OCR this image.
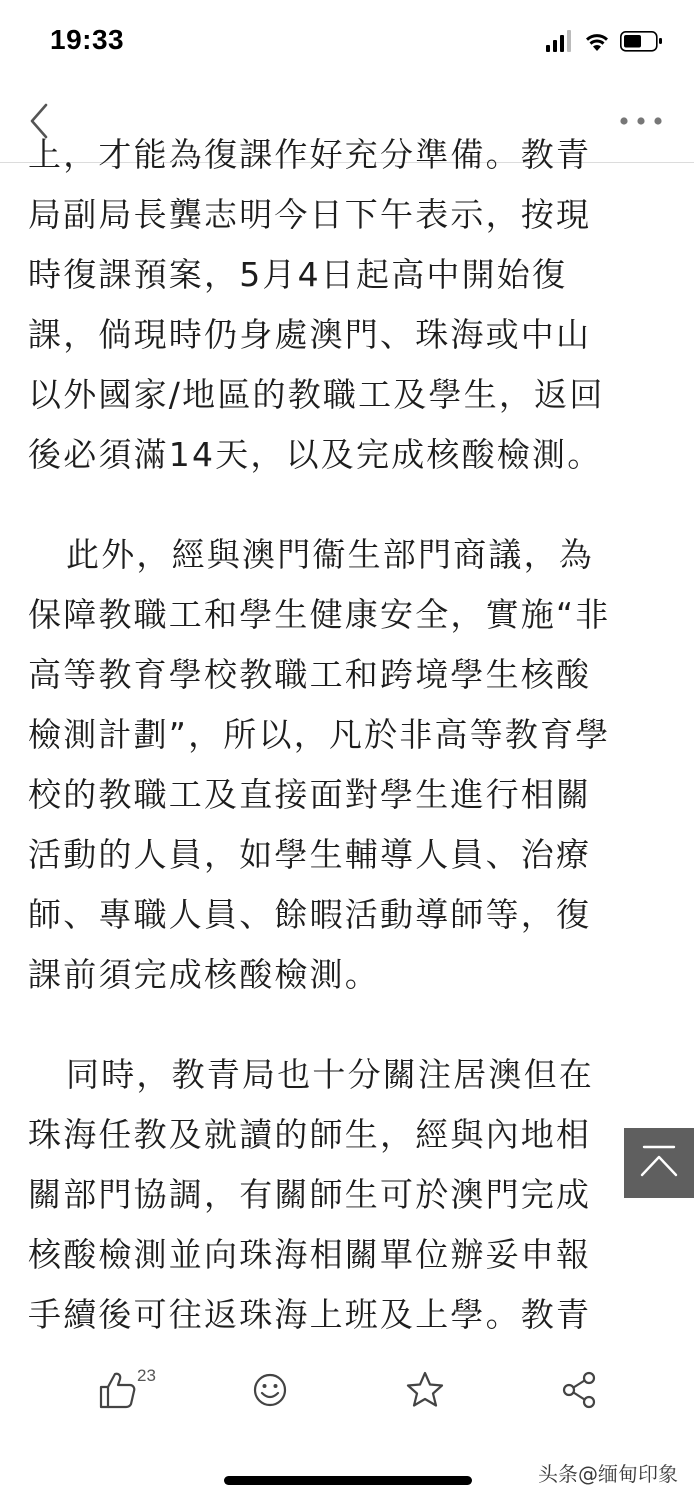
19:33
上，才能為復課作好充分準備。教青
局副局長龔志明今日下午表示，按現
時復課預案，5月4日起高中開始復
課，倘現時仍身處澳門、珠海或中山
以外國家/地區的教職工及學生，返回
後必須滿14天，以及完成核酸檢測。
此外，經與澳門衞生部門商議，為
保障教職工和學生健康安全，實施“非
高等教育學校教職工和跨境學生核酸
檢測計劃”，所以，凡於非高等教育學
校的教職工及直接面對學生進行相關
活動的人員，如學生輔導人員、治療
師、專職人員、餘暇活動導師等，復
課前須完成核酸檢測。
同時，教青局也十分關注居澳但在
珠海任教及就讀的師生，經與內地相
關部門協調，有關師生可於澳門完成
核酸檢測並向珠海相關單位辦妥申報
手續後可往返珠海上班及上學。教青
23
头条@缅甸印象
